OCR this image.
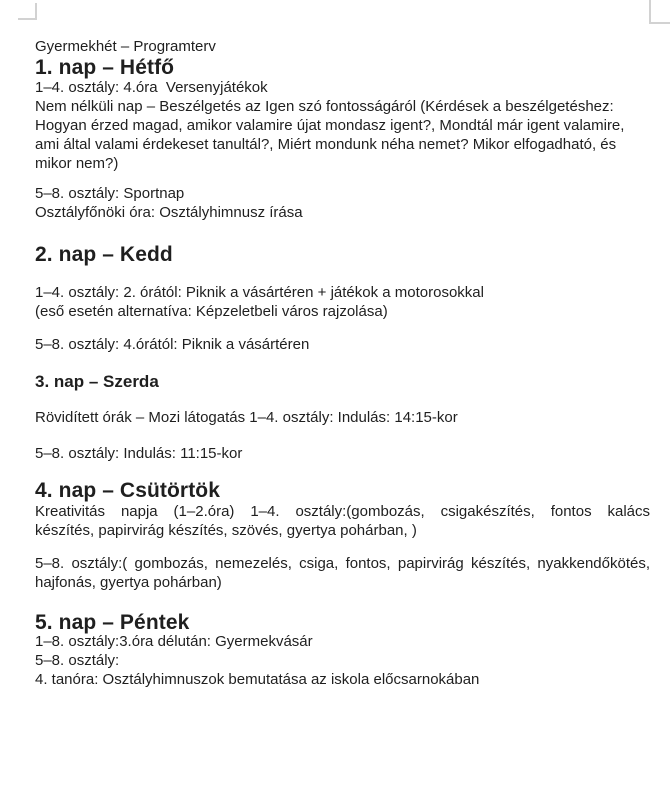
Gyermekhét – Programterv
1. nap – Hétfő
1–4. osztály: 4.óra  Versenyjátékok
Nem nélküli nap – Beszélgetés az Igen szó fontosságáról (Kérdések a beszélgetéshez:
Hogyan érzed magad, amikor valamire újat mondasz igent?, Mondtál már igent valamire,
ami által valami érdekeset tanultál?, Miért mondunk néha nemet? Mikor elfogadható, és
mikor nem?)
5–8. osztály: Sportnap
Osztályfőnöki óra: Osztályhimnusz írása
2. nap – Kedd
1–4. osztály: 2. órától: Piknik a vásártéren + játékok a motorosokkal
(eső esetén alternatíva: Képzeletbeli város rajzolása)
5–8. osztály: 4.órától: Piknik a vásártéren
3. nap – Szerda
Rövidített órák – Mozi látogatás 1–4. osztály: Indulás: 14:15-kor
5–8. osztály: Indulás: 11:15-kor
4. nap – Csütörtök
Kreativitás napja (1–2.óra) 1–4. osztály:(gombozás, csigakészítés, fontos kalács
készítés, papirvirág készítés, szövés, gyertya pohárban, )
5–8. osztály:( gombozás, nemezelés, csiga, fontos, papirvirág készítés, nyakkendőkötés,
hajfonás, gyertya pohárban)
5. nap – Péntek
1–8. osztály:3.óra délután: Gyermekvásár
5–8. osztály:
4. tanóra: Osztályhimnuszok bemutatása az iskola előcsarnokában
